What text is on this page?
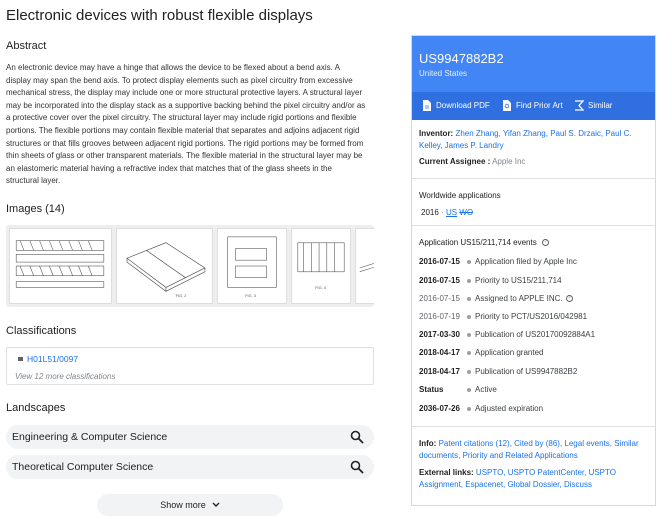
Electronic devices with robust flexible displays
Abstract
An electronic device may have a hinge that allows the device to be flexed about a bend axis. A display may span the bend axis. To protect display elements such as pixel circuitry from excessive mechanical stress, the display may include one or more structural protective layers. A structural layer may be incorporated into the display stack as a supportive backing behind the pixel circuitry and/or as a protective cover over the pixel circuitry. The structural layer may include rigid portions and flexible portions. The flexible portions may contain flexible material that separates and adjoins adjacent rigid structures or that fills grooves between adjacent rigid portions. The rigid portions may be formed from thin sheets of glass or other transparent materials. The flexible material in the structural layer may be an elastomeric material having a refractive index that matches that of the glass sheets in the structural layer.
Images (14)
FIG. 2	FIG. 3
FIG. 4
Classifications
H01L51/0097
View 12 more classifications
Landscapes
Engineering & Computer Science
Theoretical Computer Science
Show more
US9947882B2
United States
Download PDF	Find Prior Art	Similar
Inventor: Zhen Zhang, Yifan Zhang, Paul S. Drzaic, Paul C. Kelley, James P. Landry
Current Assignee : Apple Inc
Worldwide applications
2016 · US WO
Application US15/211,714 events ?
2016-07-15	Application filed by Apple Inc
2016-07-15	Priority to US15/211,714
2016-07-15	Assigned to APPLE INC.	?
2016-07-19	Priority to PCT/US2016/042981
2017-03-30	Publication of US20170092884A1
2018-04-17	Application granted
2018-04-17	Publication of US9947882B2
Status	Active
2036-07-26	Adjusted expiration
Info: Patent citations (12), Cited by (86), Legal events, Similar documents, Priority and Related Applications
External links: USPTO, USPTO PatentCenter, USPTO Assignment, Espacenet, Global Dossier, Discuss
